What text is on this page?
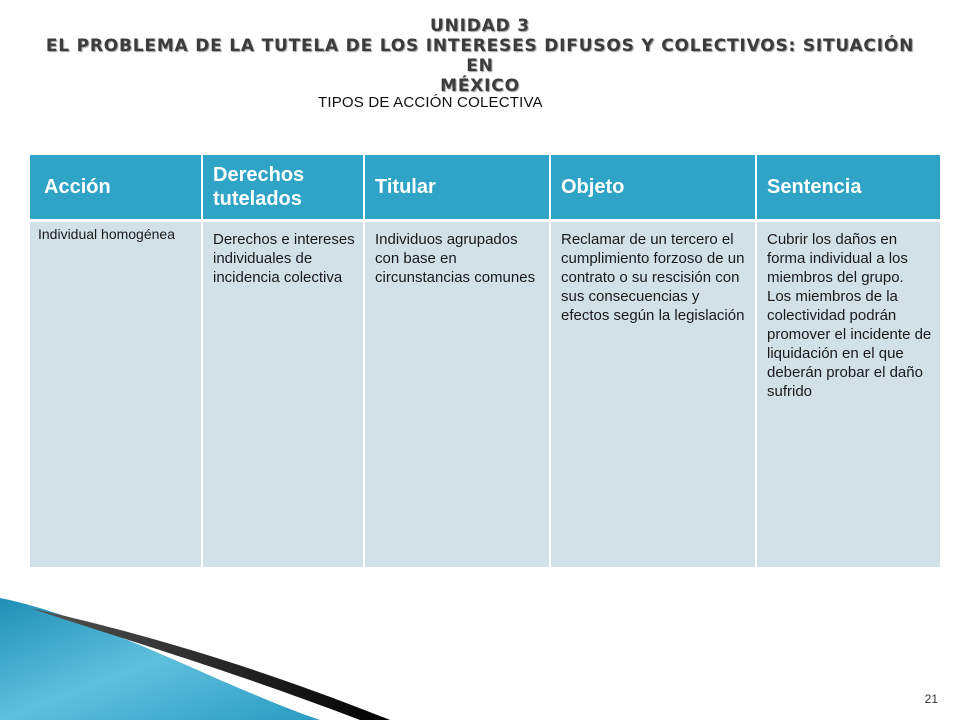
UNIDAD 3
EL PROBLEMA DE LA TUTELA DE LOS INTERESES DIFUSOS Y COLECTIVOS: SITUACIÓN EN
MÉXICO
TIPOS DE ACCIÓN COLECTIVA
Acción	Derechos tutelados	Titular	Objeto	Sentencia
Individual homogénea	Derechos e intereses individuales de incidencia colectiva	Individuos agrupados con base en circunstancias comunes	Reclamar de un tercero el cumplimiento forzoso de un contrato o su rescisión con sus consecuencias y efectos según la legislación	Cubrir los daños en forma individual a los miembros del grupo. Los miembros de la colectividad podrán promover el incidente de liquidación en el que deberán probar el daño sufrido
21
